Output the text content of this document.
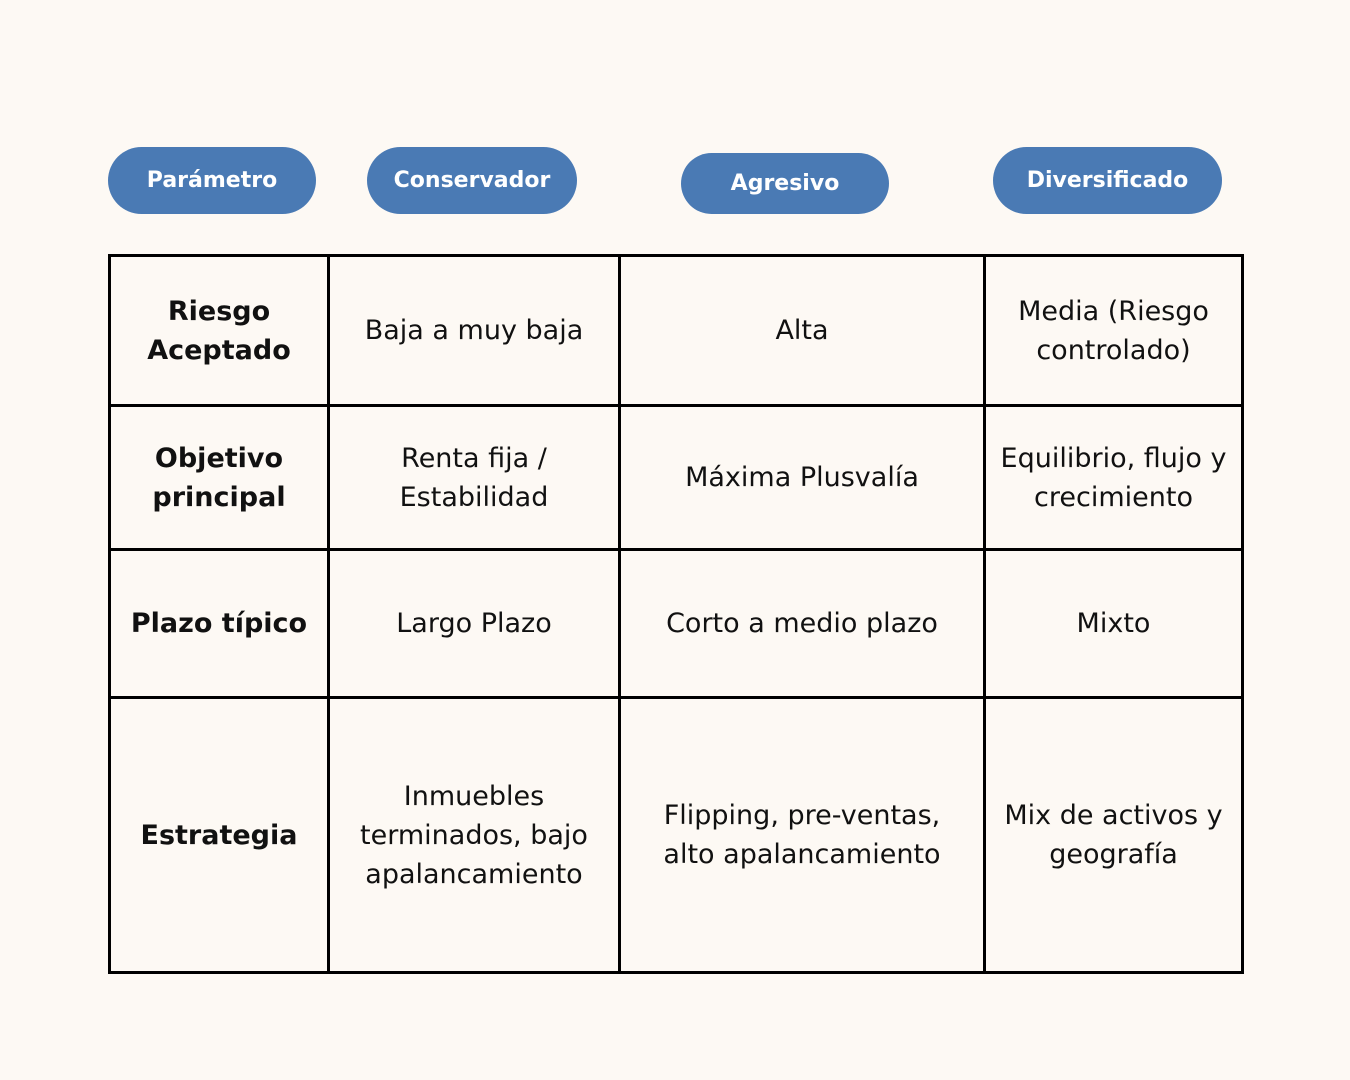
Parámetro	Conservador	Agresivo	Diversificado
Riesgo Aceptado	Baja a muy baja	Alta	Media (Riesgo controlado)
Objetivo principal	Renta fija / Estabilidad	Máxima Plusvalía	Equilibrio, flujo y crecimiento
Plazo típico	Largo Plazo	Corto a medio plazo	Mixto
Estrategia	Inmuebles terminados, bajo apalancamiento	Flipping, pre-ventas, alto apalancamiento	Mix de activos y geografía
